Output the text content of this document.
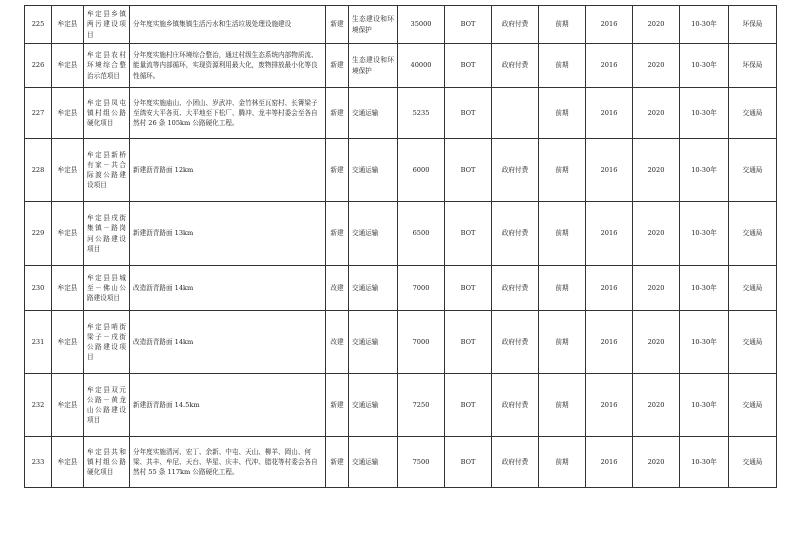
225	牟定县	牟定县乡镇两污建设项目	分年度实施乡镇集镇生活污水和生活垃圾处理设施建设	新建	生态建设和环境保护	35000	BOT	政府付费	前期	2016	2020	10-30年	环保局
226	牟定县	牟定县农村环境综合整治示范项目	分年度实施村庄环境综合整治，通过村级生态系统内部物质流、能量流等内部循环，实现资源利用最大化，废物排放最小化等良性循环。	新建	生态建设和环境保护	40000	BOT	政府付费	前期	2016	2020	10-30年	环保局
227	牟定县	牟定县凤屯镇村组公路硬化项目	分年度实施庙山、小团山、岁武冲、金竹林至瓦窑村、长箐梁子至鸽安大平各页、大平地至下松厂、腾冲、龙丰等村委会至各自然村 26 条 105km 公路硬化工程。	新建	交通运输	5235	BOT		前期	2016	2020	10-30年	交通局
228	牟定县	牟定县新桥有家－共合际渡公路建设项目	新建沥青路面 12km	新建	交通运输	6000	BOT	政府付费	前期	2016	2020	10-30年	交通局
229	牟定县	牟定县戌街集镇－路岗河公路建设项目	新建沥青路面 13km	新建	交通运输	6500	BOT	政府付费	前期	2016	2020	10-30年	交通局
230	牟定县	牟定县县城至－佛山公路建设项目	改造沥青路面 14km	改建	交通运输	7000	BOT	政府付费	前期	2016	2020	10-30年	交通局
231	牟定县	牟定县哨街梁子－戌街公路建设项目	改造沥青路面 14km	改建	交通运输	7000	BOT	政府付费	前期	2016	2020	10-30年	交通局
232	牟定县	牟定县双元公路－黄龙山公路建设项目	新建沥青路面 14.5km	新建	交通运输	7250	BOT	政府付费	前期	2016	2020	10-30年	交通局
233	牟定县	牟定县共和镇村组公路硬化项目	分年度实施清河、宏丁、余新、中屯、天山、柳羊、岡山、何梁、共丰、牟尼、天台、华星、庆丰、代冲、腊花等村委会各自然村 55 条 117km 公路硬化工程。	新建	交通运输	7500	BOT	政府付费	前期	2016	2020	10-30年	交通局
